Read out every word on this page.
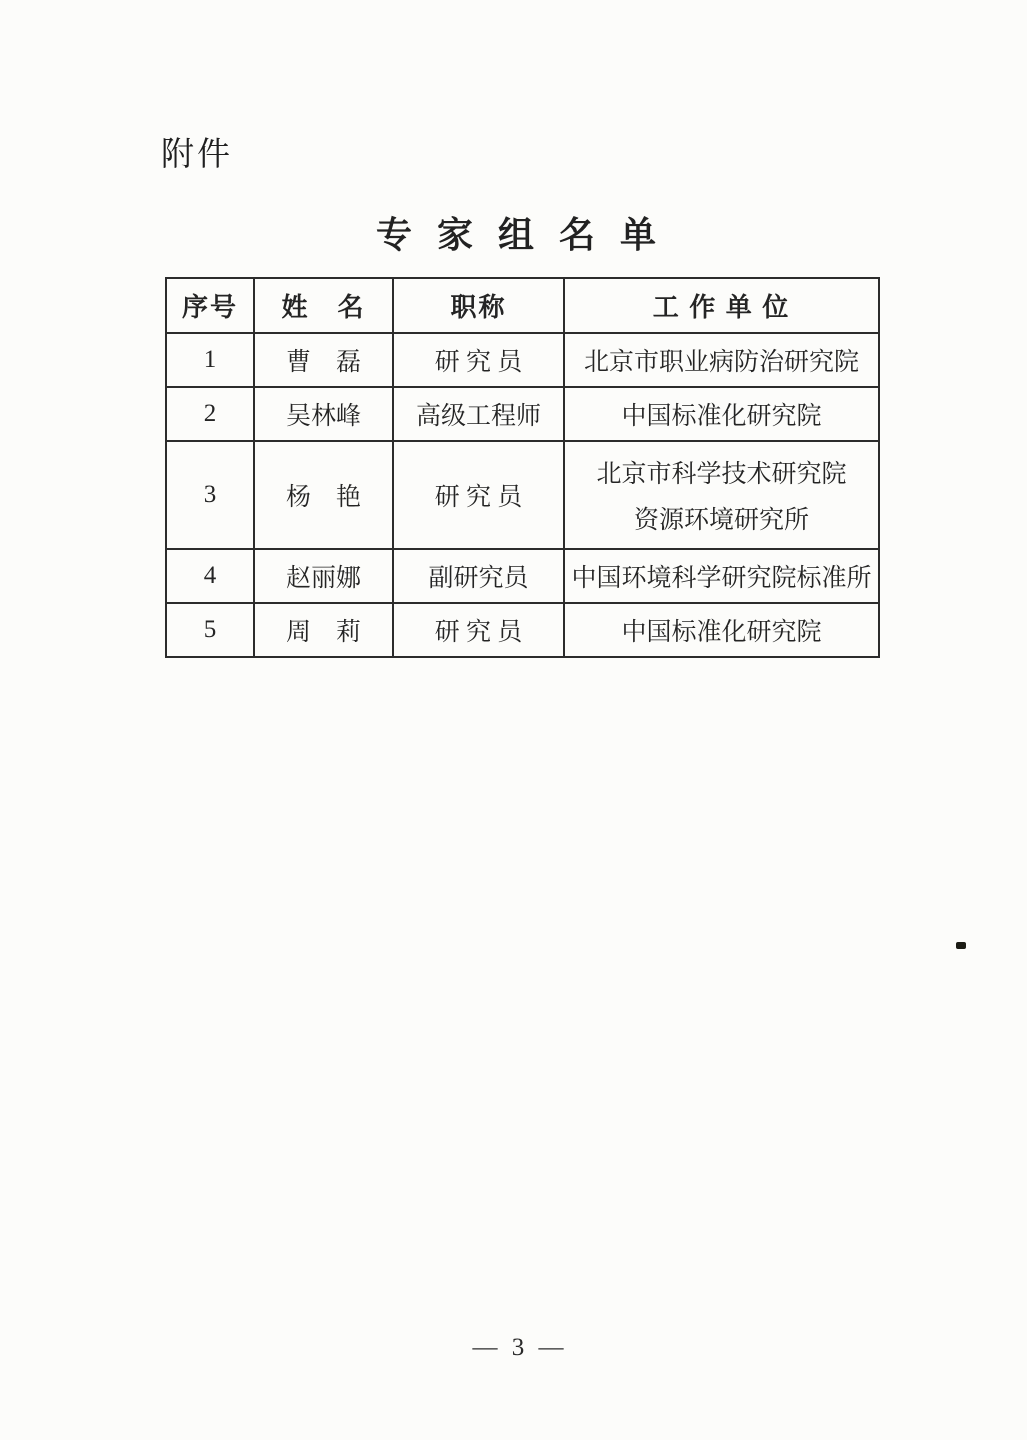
附件
专 家 组 名 单
序号	姓　名	职称	工 作 单 位
1	曹　磊	研 究 员	北京市职业病防治研究院
2	吴林峰	高级工程师	中国标准化研究院
3	杨　艳	研 究 员	北京市科学技术研究院
资源环境研究所

4	赵丽娜	副研究员	中国环境科学研究院标准所
5	周　莉	研 究 员	中国标准化研究院
— 3 —
